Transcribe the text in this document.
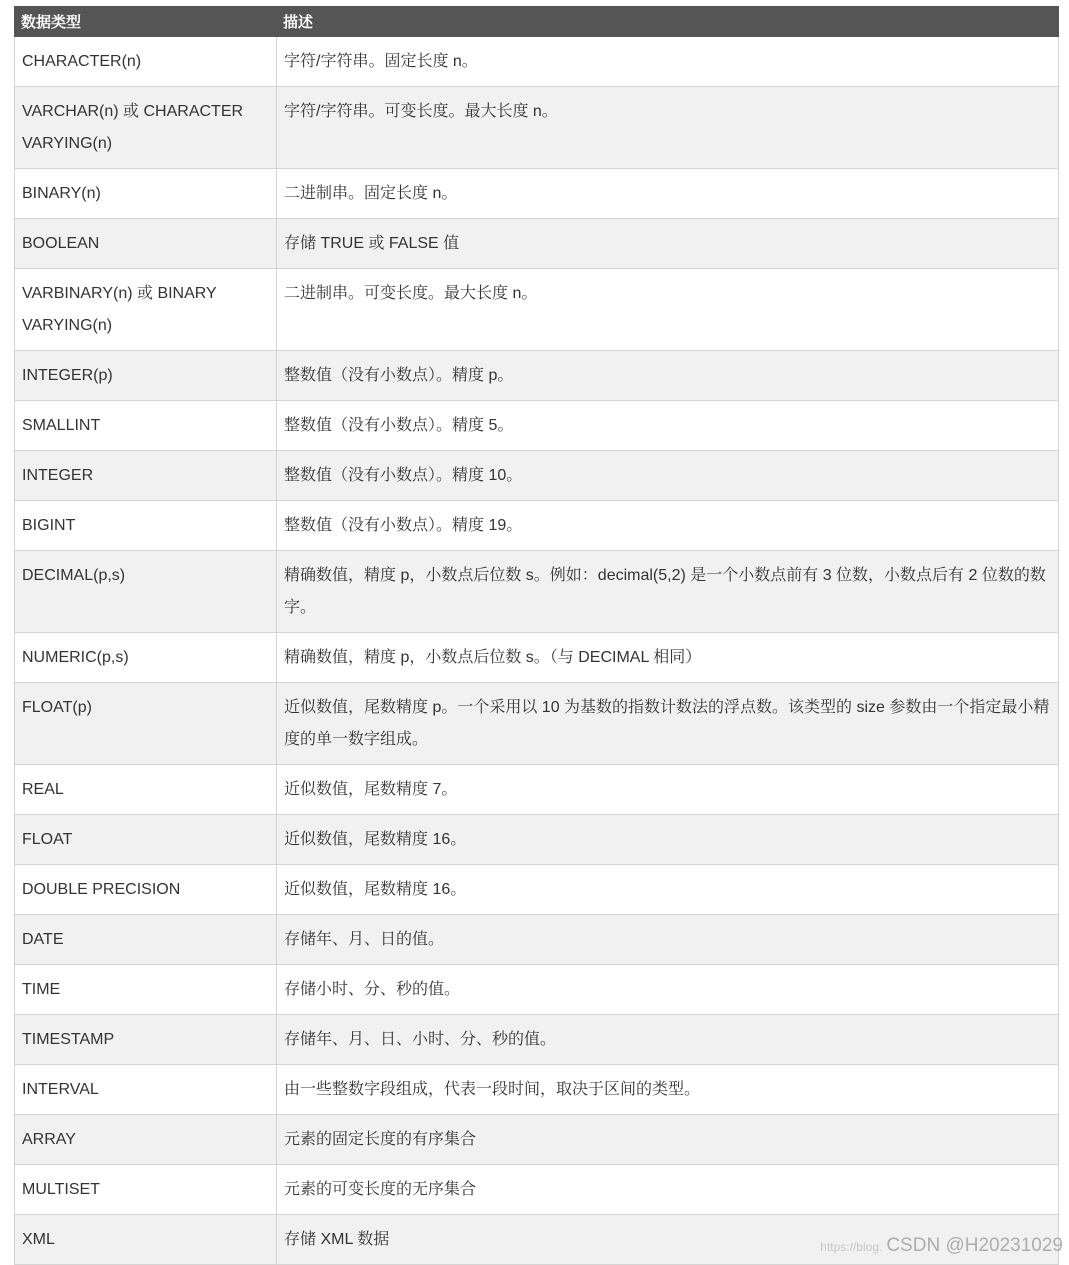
数据类型	描述
CHARACTER(n)	字符/字符串。固定长度 n。
VARCHAR(n) 或 CHARACTER VARYING(n)	字符/字符串。可变长度。最大长度 n。
BINARY(n)	二进制串。固定长度 n。
BOOLEAN	存储 TRUE 或 FALSE 值
VARBINARY(n) 或 BINARY VARYING(n)	二进制串。可变长度。最大长度 n。
INTEGER(p)	整数值（没有小数点）。精度 p。
SMALLINT	整数值（没有小数点）。精度 5。
INTEGER	整数值（没有小数点）。精度 10。
BIGINT	整数值（没有小数点）。精度 19。
DECIMAL(p,s)	精确数值，精度 p，小数点后位数 s。例如：decimal(5,2) 是一个小数点前有 3 位数，小数点后有 2 位数的数字。
NUMERIC(p,s)	精确数值，精度 p，小数点后位数 s。（与 DECIMAL 相同）
FLOAT(p)	近似数值，尾数精度 p。一个采用以 10 为基数的指数计数法的浮点数。该类型的 size 参数由一个指定最小精度的单一数字组成。
REAL	近似数值，尾数精度 7。
FLOAT	近似数值，尾数精度 16。
DOUBLE PRECISION	近似数值，尾数精度 16。
DATE	存储年、月、日的值。
TIME	存储小时、分、秒的值。
TIMESTAMP	存储年、月、日、小时、分、秒的值。
INTERVAL	由一些整数字段组成，代表一段时间，取决于区间的类型。
ARRAY	元素的固定长度的有序集合
MULTISET	元素的可变长度的无序集合
XML	存储 XML 数据	https://blog. CSDN @H20231029
